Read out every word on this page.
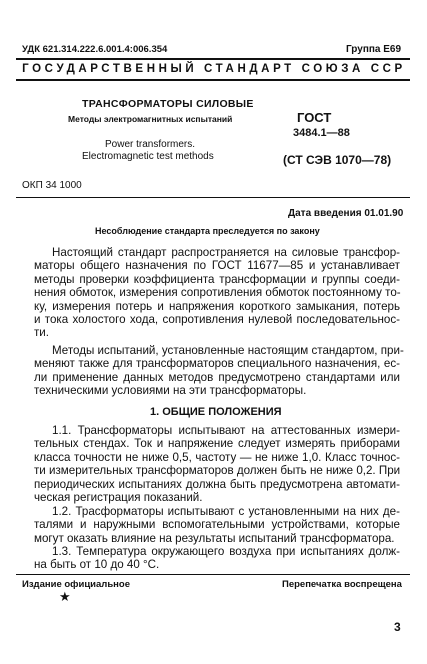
УДК 621.314.222.6.001.4:006.354	Группа Е69
ГОСУДАРСТВЕННЫЙ СТАНДАРТ СОЮЗА ССР
ТРАНСФОРМАТОРЫ СИЛОВЫЕ
Методы электромагнитных испытаний
Power transformers.
Electromagnetic test methods
ГОСТ
3484.1—88
(СТ СЭВ 1070—78)
ОКП 34 1000
Дата введения 01.01.90
Несоблюдение стандарта преследуется по закону
Настоящий стандарт распространяется на силовые трансфор-
маторы общего назначения по ГОСТ 11677—85 и устанавливает
методы проверки коэффициента трансформации и группы соеди-
нения обмоток, измерения сопротивления обмоток постоянному то-
ку, измерения потерь и напряжения короткого замыкания, потерь
и тока холостого хода, сопротивления нулевой последовательнос-
ти.
Методы испытаний, установленные настоящим стандартом, при-
меняют также для трансформаторов специального назначения, ес-
ли применение данных методов предусмотрено стандартами или
техническими условиями на эти трансформаторы.
1. ОБЩИЕ ПОЛОЖЕНИЯ
1.1. Трансформаторы испытывают на аттестованных измери-
тельных стендах. Ток и напряжение следует измерять приборами
класса точности не ниже 0,5, частоту — не ниже 1,0. Класс точнос-
ти измерительных трансформаторов должен быть не ниже 0,2. При
периодических испытаниях должна быть предусмотрена автомати-
ческая регистрация показаний.
1.2. Трасформаторы испытывают с установленными на них де-
талями и наружными вспомогательными устройствами, которые
могут оказать влияние на результаты испытаний трансформатора.
1.3. Температура окружающего воздуха при испытаниях долж-
на быть от 10 до 40 °С.
Издание официальное	Перепечатка воспрещена
★
3
